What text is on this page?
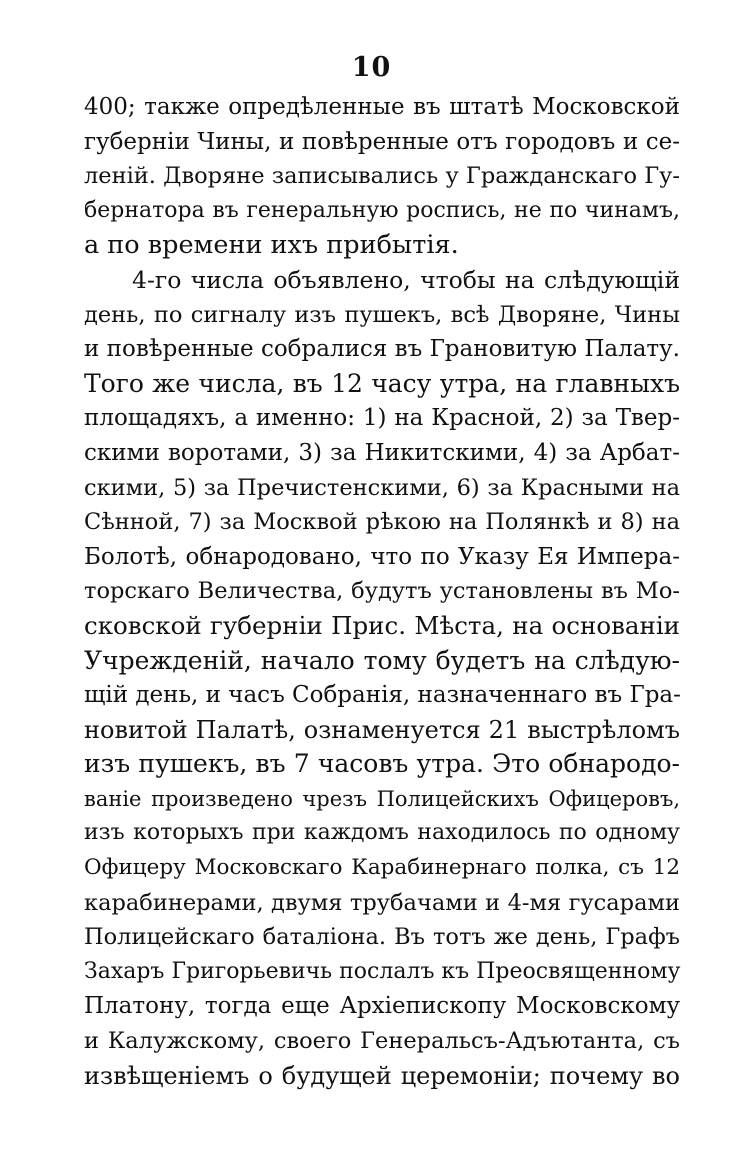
10
400; также опредѣленные въ штатѣ Московской
губерніи Чины, и повѣренные отъ городовъ и се-
леній. Дворяне записывались у Гражданскаго Гу-
бернатора въ генеральную роспись, не по чинамъ,
а по времени ихъ прибытія.
4-го числа объявлено, чтобы на слѣдующій
день, по сигналу изъ пушекъ, всѣ Дворяне, Чины
и повѣренные собралися въ Грановитую Палату.
Того же числа, въ 12 часу утра, на главныхъ
площадяхъ, а именно: 1) на Красной, 2) за Твер-
скими воротами, 3) за Никитскими, 4) за Арбат-
скими, 5) за Пречистенскими, 6) за Красными на
Сѣнной, 7) за Москвой рѣкою на Полянкѣ и 8) на
Болотѣ, обнародовано, что по Указу Ея Импера-
торскаго Величества, будутъ установлены въ Мо-
сковской губерніи Прис. Мѣста, на основаніи
Учрежденій, начало тому будетъ на слѣдую-
щій день, и часъ Собранія, назначеннаго въ Гра-
новитой Палатѣ, ознаменуется 21 выстрѣломъ
изъ пушекъ, въ 7 часовъ утра. Это обнародо-
ваніе произведено чрезъ Полицейскихъ Офицеровъ,
изъ которыхъ при каждомъ находилось по одному
Офицеру Московскаго Карабинернаго полка, съ 12
карабинерами, двумя трубачами и 4-мя гусарами
Полицейскаго баталіона. Въ тотъ же день, Графъ
Захаръ Григорьевичь послалъ къ Преосвященному
Платону, тогда еще Архіепископу Московскому
и Калужскому, своего Генеральсъ-Адъютанта, съ
извѣщеніемъ о будущей церемоніи; почему во
